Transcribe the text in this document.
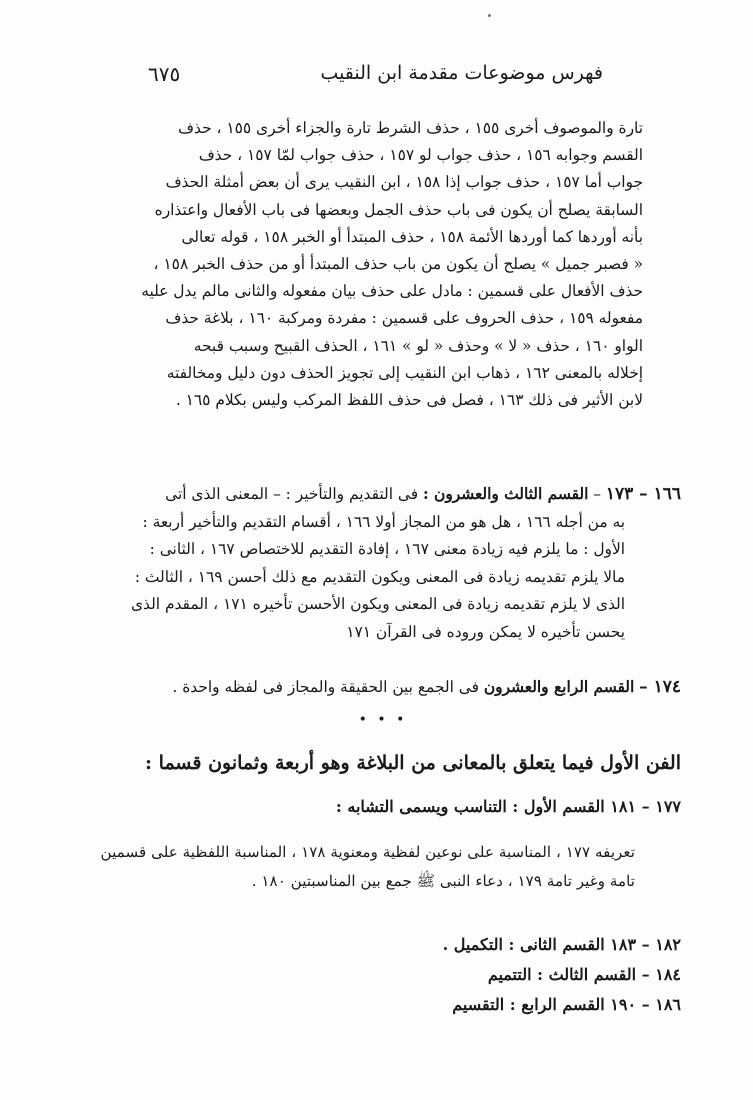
فهرس موضوعات مقدمة ابن النقيب
٦٧٥
تارة والموصوف أخرى ١٥٥ ، حذف الشرط تارة والجزاء أخرى ١٥٥ ، حذف
القسم وجوابه ١٥٦ ، حذف جواب لو ١٥٧ ، حذف جواب لمّا ١٥٧ ، حذف
جواب أما ١٥٧ ، حذف جواب إذا ١٥٨ ، ابن النقيب يرى أن بعض أمثلة الحذف
السابقة يصلح أن يكون فى باب حذف الجمل وبعضها فى باب الأفعال واعتذاره
بأنه أوردها كما أوردها الأئمة ١٥٨ ، حذف المبتدأ أو الخبر ١٥٨ ، قوله تعالى
« فصبر جميل » يصلح أن يكون من باب حذف المبتدأ أو من حذف الخبر ١٥٨ ،
حذف الأفعال على قسمين : مادل على حذف بيان مفعوله والثانى مالم يدل عليه
مفعوله ١٥٩ ، حذف الحروف على قسمين : مفردة ومركبة ١٦٠ ، بلاغة حذف
الواو ١٦٠ ، حذف « لا » وحذف « لو » ١٦١ ، الحذف القبيح وسبب قبحه
إخلاله بالمعنى ١٦٢ ، ذهاب ابن النقيب إلى تجويز الحذف دون دليل ومخالفته
لابن الأثير فى ذلك ١٦٣ ، فصل فى حذف اللفظ المركب وليس بكلام ١٦٥ .
١٦٦ – ١٧٣ – القسم الثالث والعشرون : فى التقديم والتأخير : – المعنى الذى أتى
به من أجله ١٦٦ ، هل هو من المجاز أولا ١٦٦ ، أقسام التقديم والتأخير أربعة :
الأول : ما يلزم فيه زيادة معنى ١٦٧ ، إفادة التقديم للاختصاص ١٦٧ ، الثانى :
مالا يلزم تقديمه زيادة فى المعنى ويكون التقديم مع ذلك أحسن ١٦٩ ، الثالث :
الذى لا يلزم تقديمه زيادة فى المعنى ويكون الأحسن تأخيره ١٧١ ، المقدم الذى
يحسن تأخيره لا يمكن وروده فى القرآن ١٧١
١٧٤ – القسم الرابع والعشرون فى الجمع بين الحقيقة والمجاز فى لفظه واحدة .
• • •
الفن الأول فيما يتعلق بالمعانى من البلاغة وهو أربعة وثمانون قسما :
١٧٧ – ١٨١ القسم الأول : التناسب ويسمى التشابه :
تعريفه ١٧٧ ، المناسبة على نوعين لفظية ومعنوية ١٧٨ ، المناسبة اللفظية على قسمين
تامة وغير تامة ١٧٩ ، دعاء النبى ﷺ جمع بين المناسبتين ١٨٠ .
١٨٢ – ١٨٣ القسم الثانى : التكميل .
١٨٤ – القسم الثالث : التتميم
١٨٦ – ١٩٠ القسم الرابع : التقسيم
